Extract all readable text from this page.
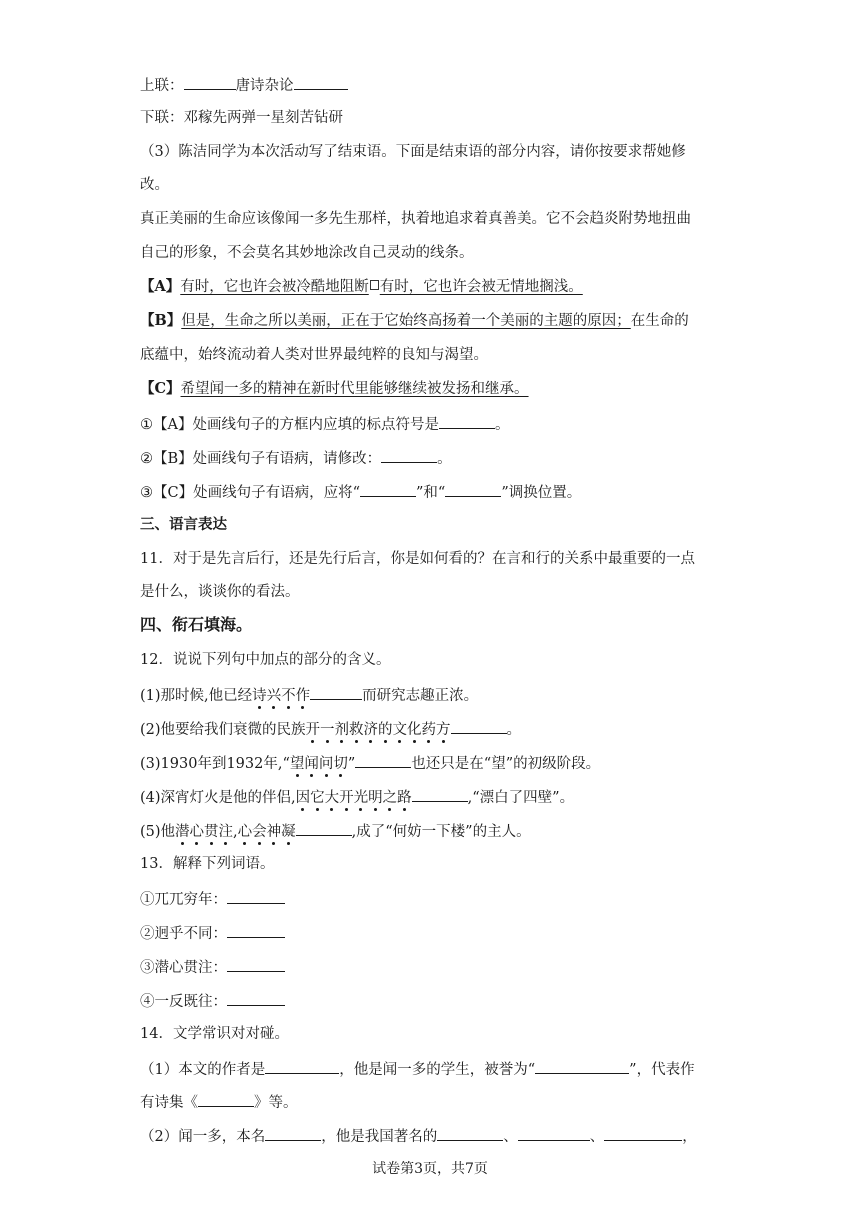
上联：	唐诗杂论
下联：邓稼先两弹一星刻苦钻研
（3）陈洁同学为本次活动写了结束语。下面是结束语的部分内容，请你按要求帮她修
改。
真正美丽的生命应该像闻一多先生那样，执着地追求着真善美。它不会趋炎附势地扭曲
自己的形象，不会莫名其妙地涂改自己灵动的线条。
【A】有时，它也许会被冷酷地阻断 有时，它也许会被无情地搁浅。
【B】但是，生命之所以美丽，正在于它始终高扬着一个美丽的主题的原因；在生命的
底蕴中，始终流动着人类对世界最纯粹的良知与渴望。
【C】希望闻一多的精神在新时代里能够继续被发扬和继承。
①【A】处画线句子的方框内应填的标点符号是	。
②【B】处画线句子有语病，请修改：	。
③【C】处画线句子有语病，应将“	”和“	”调换位置。
三、语言表达
11．对于是先言后行，还是先行后言，你是如何看的？在言和行的关系中最重要的一点
是什么，谈谈你的看法。
四、衔石填海。
12．说说下列句中加点的部分的含义。
(1)那时候,他已经诗兴不作	而研究志趣正浓。
(2)他要给我们衰微的民族开一剂救济的文化药方	。
(3)1930年到1932年,“望闻问切”	也还只是在“望”的初级阶段。
(4)深宵灯火是他的伴侣,因它大开光明之路	,“漂白了四壁”。
(5)他潜心贯注,心会神凝	,成了“何妨一下楼”的主人。
13．解释下列词语。
①兀兀穷年：
②迥乎不同：
③潜心贯注：
④一反既往：
14．文学常识对对碰。
（1）本文的作者是	，他是闻一多的学生，被誉为“	”，代表作
有诗集《	》等。
（2）闻一多，本名	，他是我国著名的	、	、	，
试卷第3页，共7页
